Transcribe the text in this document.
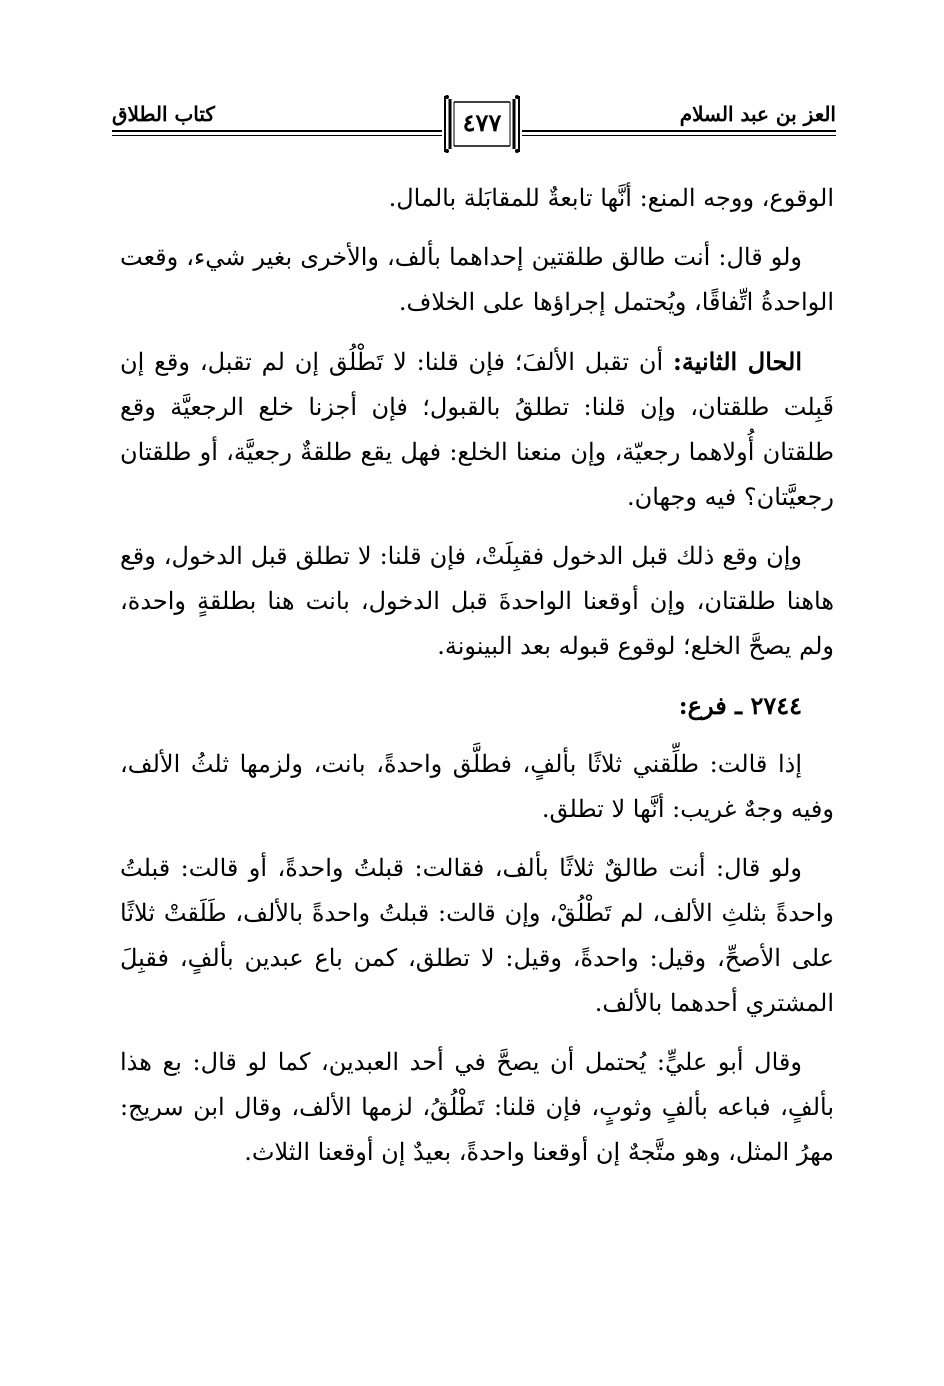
العز بن عبد السلام
كتاب الطلاق	٤٧٧

الوقوع، ووجه المنع: أنَّها تابعةٌ للمقابَلة بالمال.

ولو قال: أنت طالق طلقتين إحداهما بألف، والأخرى بغير شيء، وقعت الواحدةُ اتِّفاقًا، ويُحتمل إجراؤها على الخلاف.

الحال الثانية: أن تقبل الألفَ؛ فإن قلنا: لا تَطْلُق إن لم تقبل، وقع إن قَبِلت طلقتان، وإن قلنا: تطلقُ بالقبول؛ فإن أجزنا خلع الرجعيَّة وقع طلقتان أُولاهما رجعيّة، وإن منعنا الخلع: فهل يقع طلقةٌ رجعيَّة، أو طلقتان رجعيَّتان؟ فيه وجهان.

وإن وقع ذلك قبل الدخول فقبِلَتْ، فإن قلنا: لا تطلق قبل الدخول، وقع هاهنا طلقتان، وإن أوقعنا الواحدةَ قبل الدخول، بانت هنا بطلقةٍ واحدة، ولم يصحَّ الخلع؛ لوقوع قبوله بعد البينونة.

٢٧٤٤ ـ فرع:

إذا قالت: طلِّقني ثلاثًا بألفٍ، فطلَّق واحدةً، بانت، ولزمها ثلثُ الألف، وفيه وجهٌ غريب: أنَّها لا تطلق.

ولو قال: أنت طالقٌ ثلاثًا بألف، فقالت: قبلتُ واحدةً، أو قالت: قبلتُ واحدةً بثلثِ الألف، لم تَطْلُقْ، وإن قالت: قبلتُ واحدةً بالألف، طَلَقتْ ثلاثًا على الأصحِّ، وقيل: واحدةً، وقيل: لا تطلق، كمن باع عبدين بألفٍ، فقبِلَ المشتري أحدهما بالألف.

وقال أبو عليٍّ: يُحتمل أن يصحَّ في أحد العبدين، كما لو قال: بع هذا بألفٍ، فباعه بألفٍ وثوبٍ، فإن قلنا: تَطْلُقُ، لزمها الألف، وقال ابن سريج: مهرُ المثل، وهو متَّجهٌ إن أوقعنا واحدةً، بعيدٌ إن أوقعنا الثلاث.
